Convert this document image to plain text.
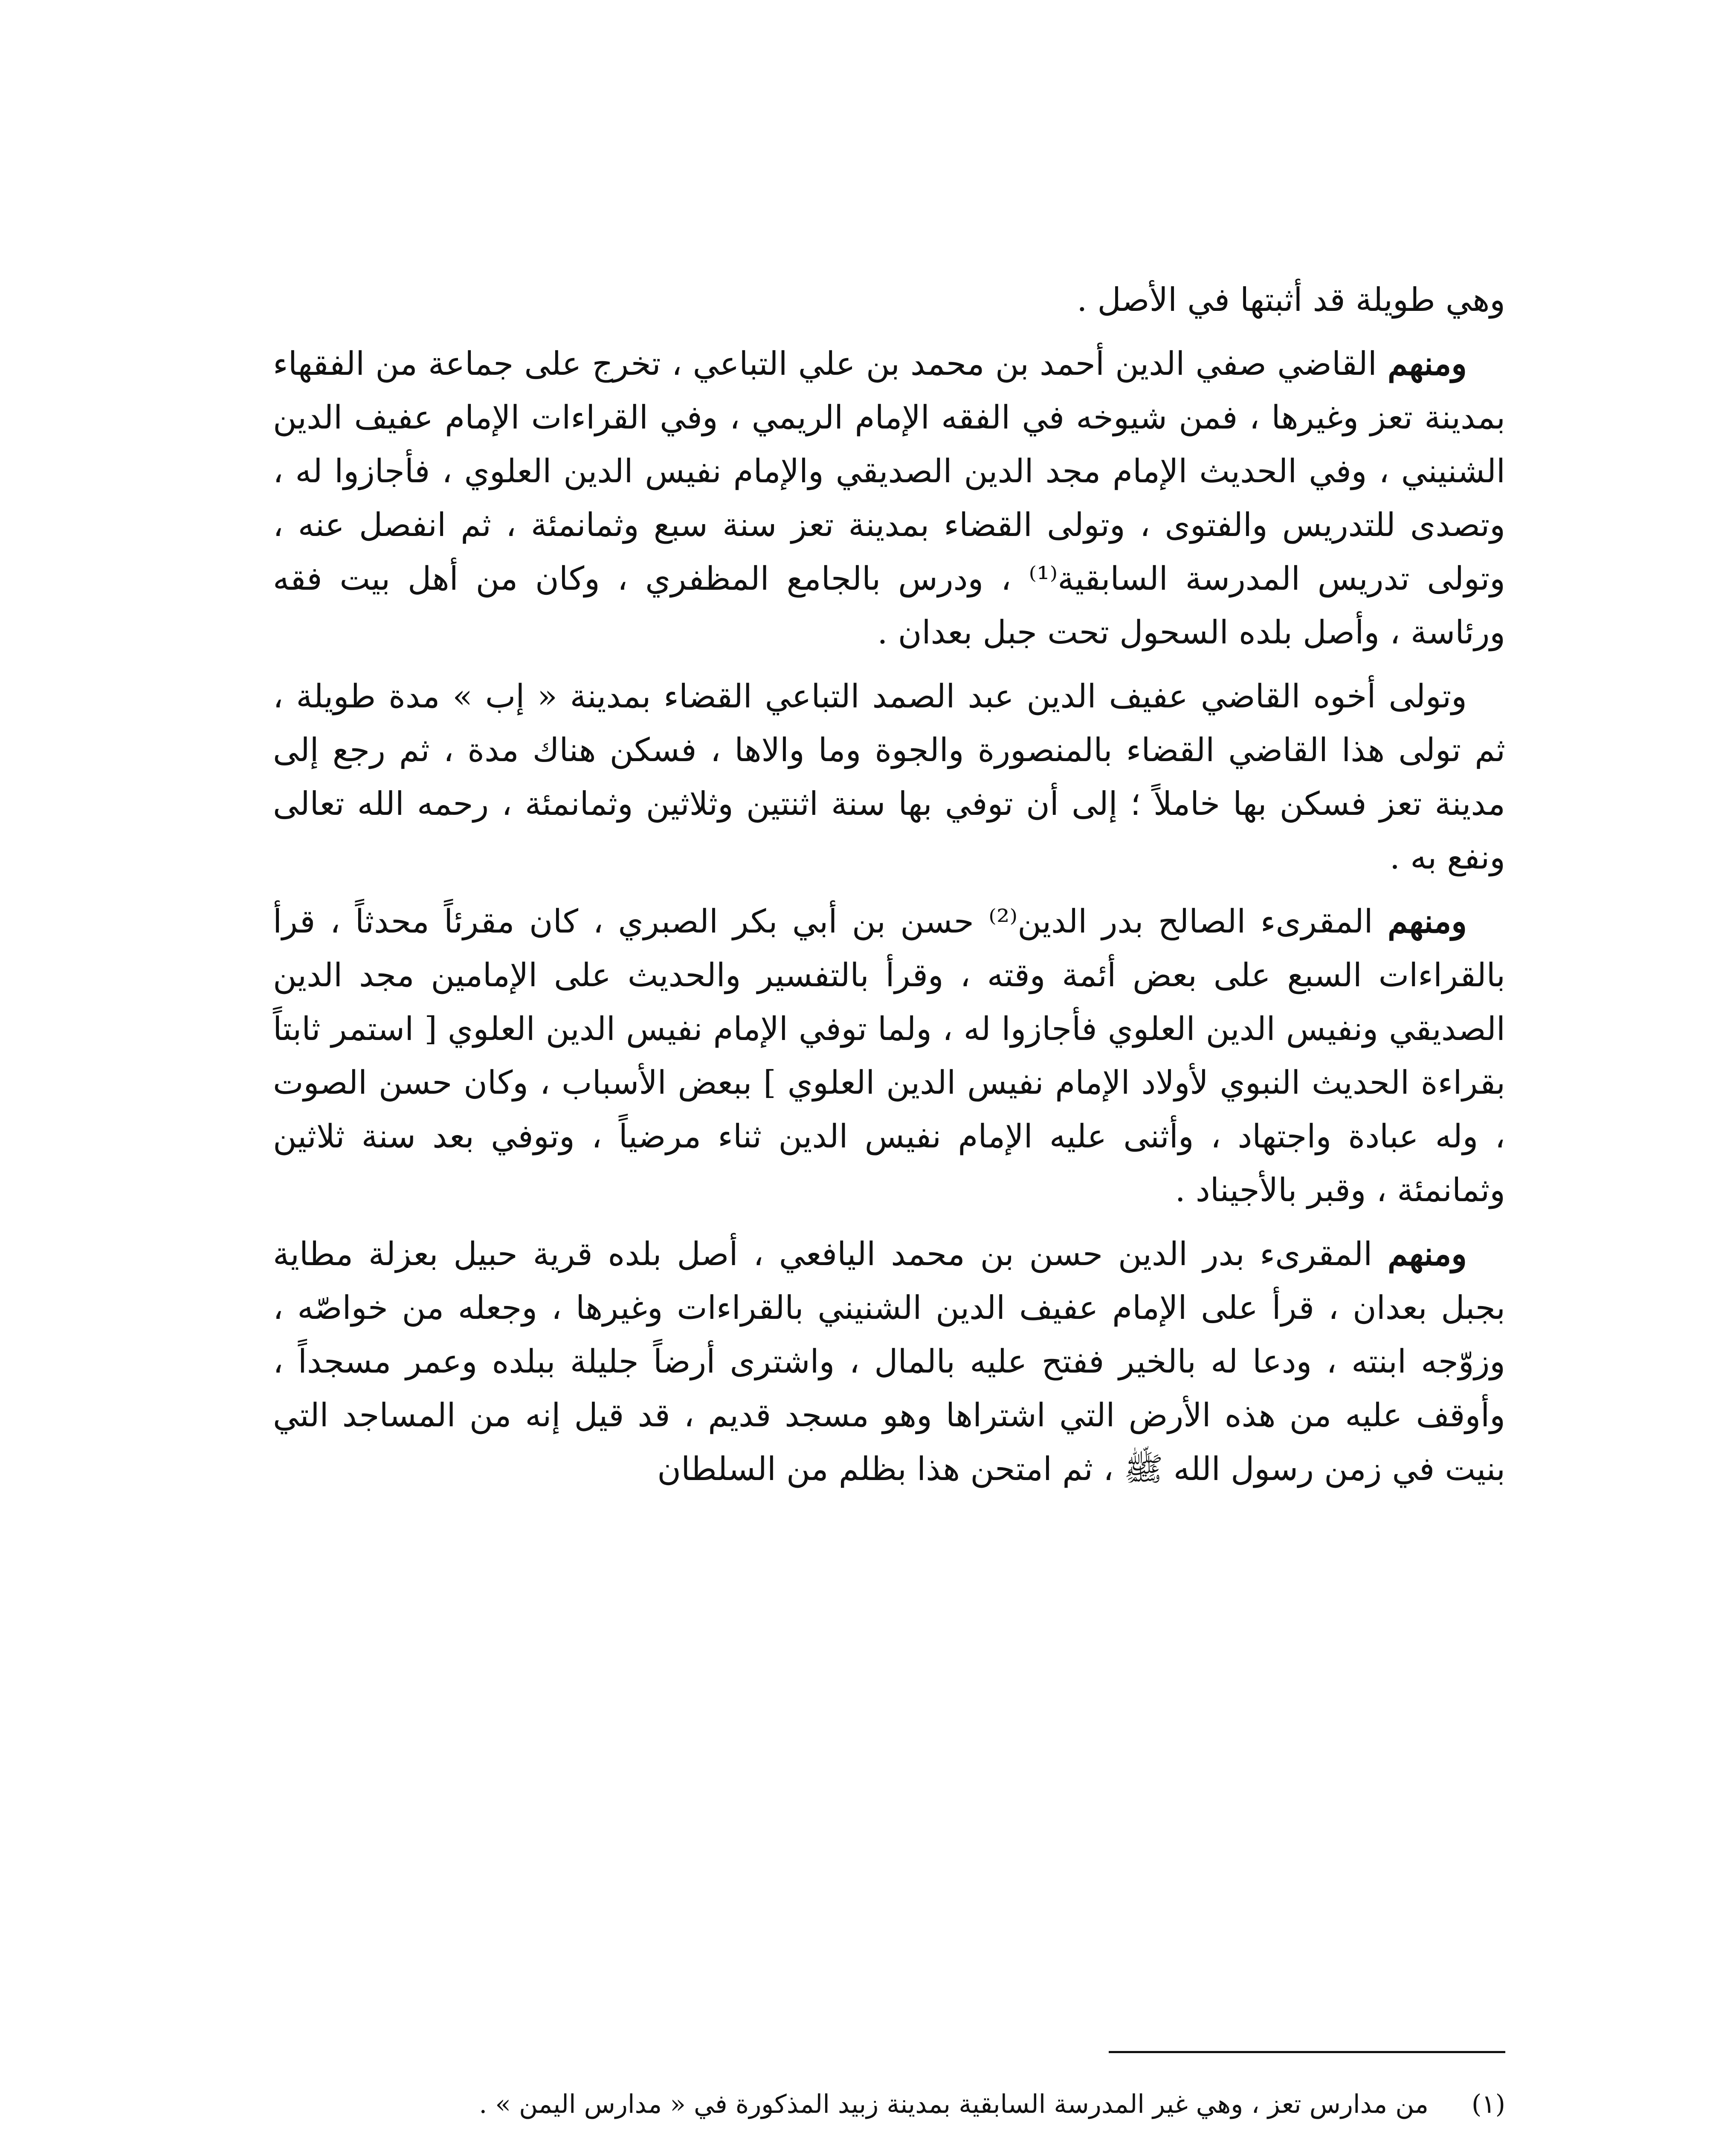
وهي طويلة قد أثبتها في الأصل .

ومنهم القاضي صفي الدين أحمد بن محمد بن علي التباعي ، تخرج على جماعة من الفقهاء بمدينة تعز وغيرها ، فمن شيوخه في الفقه الإمام الريمي ، وفي القراءات الإمام عفيف الدين الشنيني ، وفي الحديث الإمام مجد الدين الصديقي والإمام نفيس الدين العلوي ، فأجازوا له ، وتصدى للتدريس والفتوى ، وتولى القضاء بمدينة تعز سنة سبع وثمانمئة ، ثم انفصل عنه ، وتولى تدريس المدرسة السابقية⁽¹⁾ ، ودرس بالجامع المظفري ، وكان من أهل بيت فقه ورئاسة ، وأصل بلده السحول تحت جبل بعدان .

وتولى أخوه القاضي عفيف الدين عبد الصمد التباعي القضاء بمدينة « إب » مدة طويلة ، ثم تولى هذا القاضي القضاء بالمنصورة والجوة وما والاها ، فسكن هناك مدة ، ثم رجع إلى مدينة تعز فسكن بها خاملاً ؛ إلى أن توفي بها سنة اثنتين وثلاثين وثمانمئة ، رحمه الله تعالى ونفع به .

ومنهم المقرىء الصالح بدر الدين⁽²⁾ حسن بن أبي بكر الصبري ، كان مقرئاً محدثاً ، قرأ بالقراءات السبع على بعض أئمة وقته ، وقرأ بالتفسير والحديث على الإمامين مجد الدين الصديقي ونفيس الدين العلوي فأجازوا له ، ولما توفي الإمام نفيس الدين العلوي [ استمر ثابتاً بقراءة الحديث النبوي لأولاد الإمام نفيس الدين العلوي ] ببعض الأسباب ، وكان حسن الصوت ، وله عبادة واجتهاد ، وأثنى عليه الإمام نفيس الدين ثناء مرضياً ، وتوفي بعد سنة ثلاثين وثمانمئة ، وقبر بالأجيناد .

ومنهم المقرىء بدر الدين حسن بن محمد اليافعي ، أصل بلده قرية حبيل بعزلة مطاية بجبل بعدان ، قرأ على الإمام عفيف الدين الشنيني بالقراءات وغيرها ، وجعله من خواصّه ، وزوّجه ابنته ، ودعا له بالخير ففتح عليه بالمال ، واشترى أرضاً جليلة ببلده وعمر مسجداً ، وأوقف عليه من هذه الأرض التي اشتراها وهو مسجد قديم ، قد قيل إنه من المساجد التي بنيت في زمن رسول الله ﷺ ، ثم امتحن هذا بظلم من السلطان

(١)
من مدارس تعز ، وهي غير المدرسة السابقية بمدينة زبيد المذكورة في « مدارس اليمن » .
